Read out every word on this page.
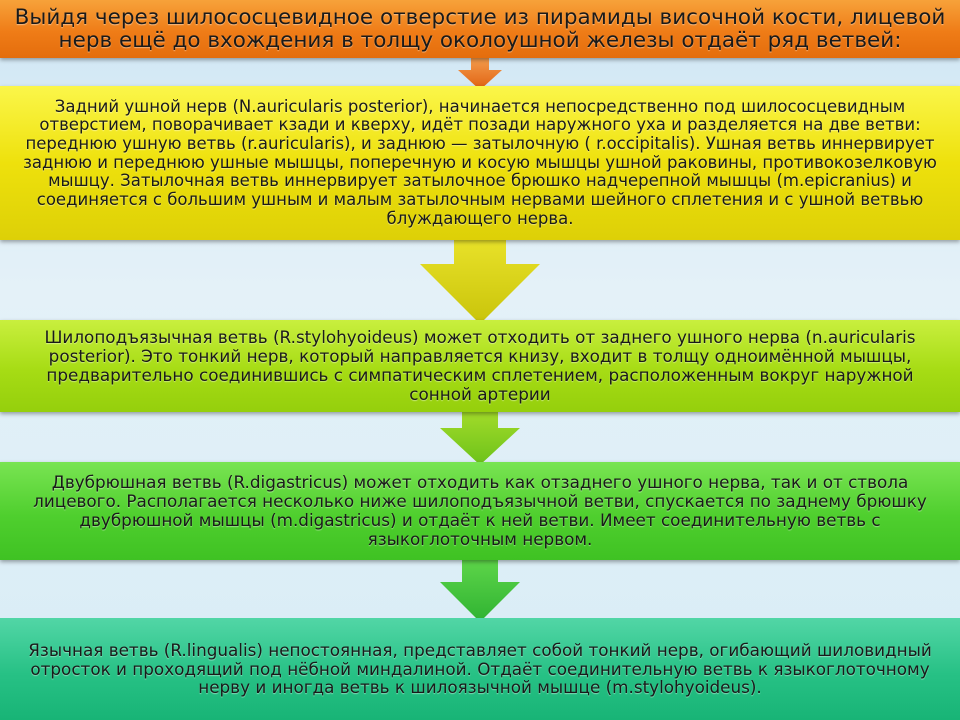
Выйдя через шилососцевидное отверстие из пирамиды височной кости, лицевой нерв ещё до вхождения в толщу околоушной железы отдаёт ряд ветвей:
Задний ушной нерв (N.auricularis posterior), начинается непосредственно под шилососцевидным отверстием, поворачивает кзади и кверху, идёт позади наружного уха и разделяется на две ветви: переднюю ушную ветвь (r.auricularis), и заднюю — затылочную ( r.occipitalis). Ушная ветвь иннервирует заднюю и переднюю ушные мышцы, поперечную и косую мышцы ушной раковины, противокозелковую мышцу. Затылочная ветвь иннервирует затылочное брюшко надчерепной мышцы (m.epicranius) и соединяется с большим ушным и малым затылочным нервами шейного сплетения и с ушной ветвью блуждающего нерва.
Шилоподъязычная ветвь (R.stylohyoideus) может отходить от заднего ушного нерва (n.auricularis posterior). Это тонкий нерв, который направляется книзу, входит в толщу одноимённой мышцы, предварительно соединившись с симпатическим сплетением, расположенным вокруг наружной сонной артерии
Двубрюшная ветвь (R.digastricus) может отходить как отзаднего ушного нерва, так и от ствола лицевого. Располагается несколько ниже шилоподъязычной ветви, спускается по заднему брюшку двубрюшной мышцы (m.digastricus) и отдаёт к ней ветви. Имеет соединительную ветвь с языкоглоточным нервом.
Язычная ветвь (R.lingualis) непостоянная, представляет собой тонкий нерв, огибающий шиловидный отросток и проходящий под нёбной миндалиной. Отдаёт соединительную ветвь к языкоглоточному нерву и иногда ветвь к шилоязычной мышце (m.stylohyoideus).
